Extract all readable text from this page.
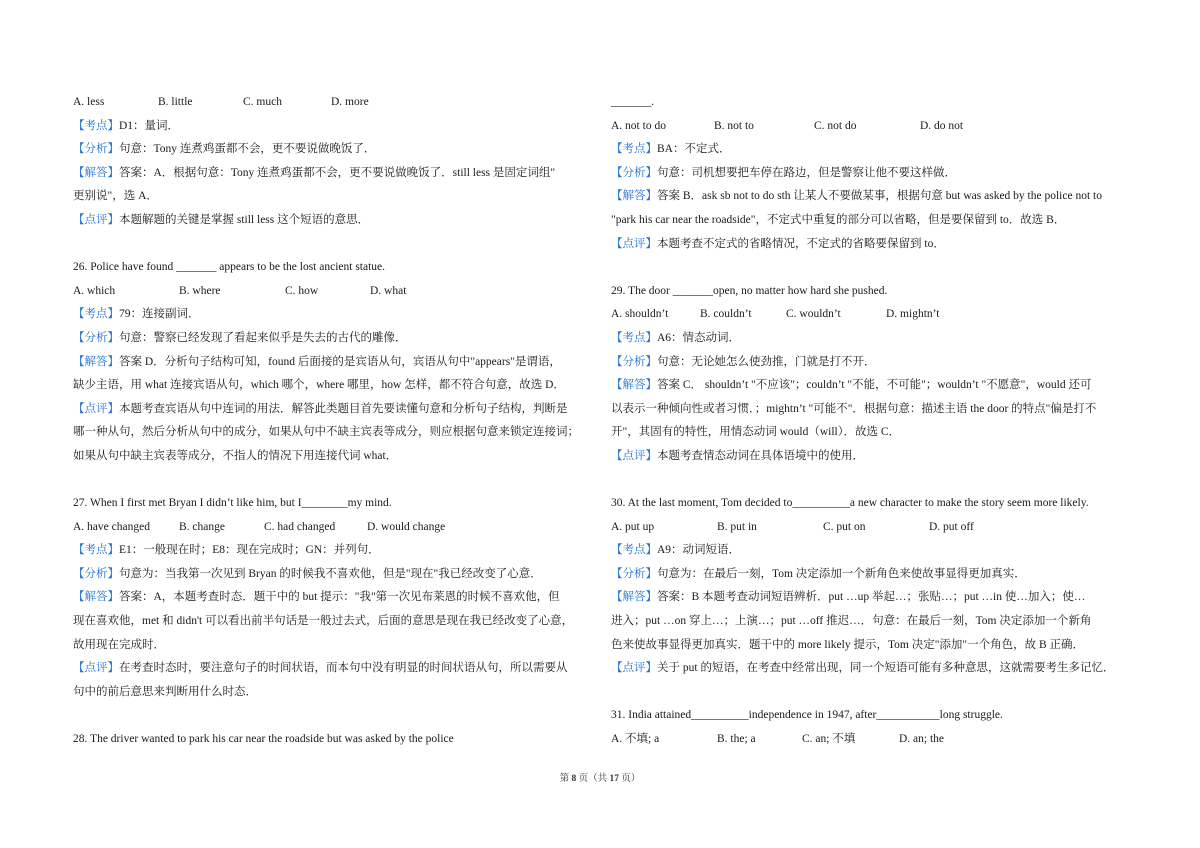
A. less	B. little	C. much	D. more
【考点】D1：量词．
【分析】句意：Tony 连煮鸡蛋都不会，更不要说做晚饭了．
【解答】答案：A．根据句意：Tony 连煮鸡蛋都不会，更不要说做晚饭了．still less 是固定词组"
更别说"，选 A．
【点评】本题解题的关键是掌握 still less 这个短语的意思．
26. Police have found _______ appears to be the lost ancient statue.
A. which	B. where	C. how	D. what
【考点】79：连接副词．
【分析】句意：警察已经发现了看起来似乎是失去的古代的雕像．
【解答】答案 D．分析句子结构可知，found 后面接的是宾语从句，宾语从句中"appears"是谓语，
缺少主语，用 what 连接宾语从句，which 哪个，where 哪里，how 怎样，都不符合句意，故选 D．
【点评】本题考查宾语从句中连词的用法．解答此类题目首先要读懂句意和分析句子结构，判断是
哪一种从句，然后分析从句中的成分，如果从句中不缺主宾表等成分，则应根据句意来锁定连接词；
如果从句中缺主宾表等成分，不指人的情况下用连接代词 what．
27. When I first met Bryan I didn’t like him, but I________my mind.
A. have changed	B. change	C. had changed	D. would change
【考点】E1：一般现在时；E8：现在完成时；GN：并列句．
【分析】句意为：当我第一次见到 Bryan 的时候我不喜欢他，但是"现在"我已经改变了心意．
【解答】答案：A，本题考查时态．题干中的 but 提示："我"第一次见布莱恩的时候不喜欢他，但
现在喜欢他，met 和 didn't 可以看出前半句话是一般过去式，后面的意思是现在我已经改变了心意，
故用现在完成时．
【点评】在考查时态时，要注意句子的时间状语，而本句中没有明显的时间状语从句，所以需要从
句中的前后意思来判断用什么时态．
28. The driver wanted to park his car near the roadside but was asked by the police
_______.
A. not to do	B. not to	C. not do	D. do not
【考点】BA：不定式．
【分析】句意：司机想要把车停在路边，但是警察让他不要这样做．
【解答】答案 B．ask sb not to do sth 让某人不要做某事，根据句意 but was asked by the police not to
"park his car near the roadside"，不定式中重复的部分可以省略，但是要保留到 to．故选 B．
【点评】本题考查不定式的省略情况，不定式的省略要保留到 to．
29. The door _______open, no matter how hard she pushed.
A. shouldn’t	B. couldn’t	C. wouldn’t	D. mightn’t
【考点】A6：情态动词．
【分析】句意：无论她怎么使劲推，门就是打不开．
【解答】答案 C． shouldn’t "不应该"；couldn’t "不能，不可能"；wouldn’t "不愿意"，would 还可
以表示一种倾向性或者习惯．；mightn’t "可能不"．根据句意：描述主语 the door 的特点"偏是打不
开"，其固有的特性，用情态动词 would（will）．故选 C．
【点评】本题考查情态动词在具体语境中的使用．
30. At the last moment, Tom decided to__________a new character to make the story seem more likely.
A. put up	B. put in	C. put on	D. put off
【考点】A9：动词短语．
【分析】句意为：在最后一刻，Tom 决定添加一个新角色来使故事显得更加真实．
【解答】答案：B 本题考查动词短语辨析．put …up 举起…；张贴…；put …in 使…加入；使…
进入；put …on 穿上…；上演…；put …off 推迟…．句意：在最后一刻，Tom 决定添加一个新角
色来使故事显得更加真实．题干中的 more likely 提示，Tom 决定"添加"一个角色，故 B 正确．
【点评】关于 put 的短语，在考查中经常出现，同一个短语可能有多种意思，这就需要考生多记忆．
31. India attained__________independence in 1947, after___________long struggle.
A. 不填; a	B. the; a	C. an; 不填	D. an; the
第 8 页（共 17 页）
